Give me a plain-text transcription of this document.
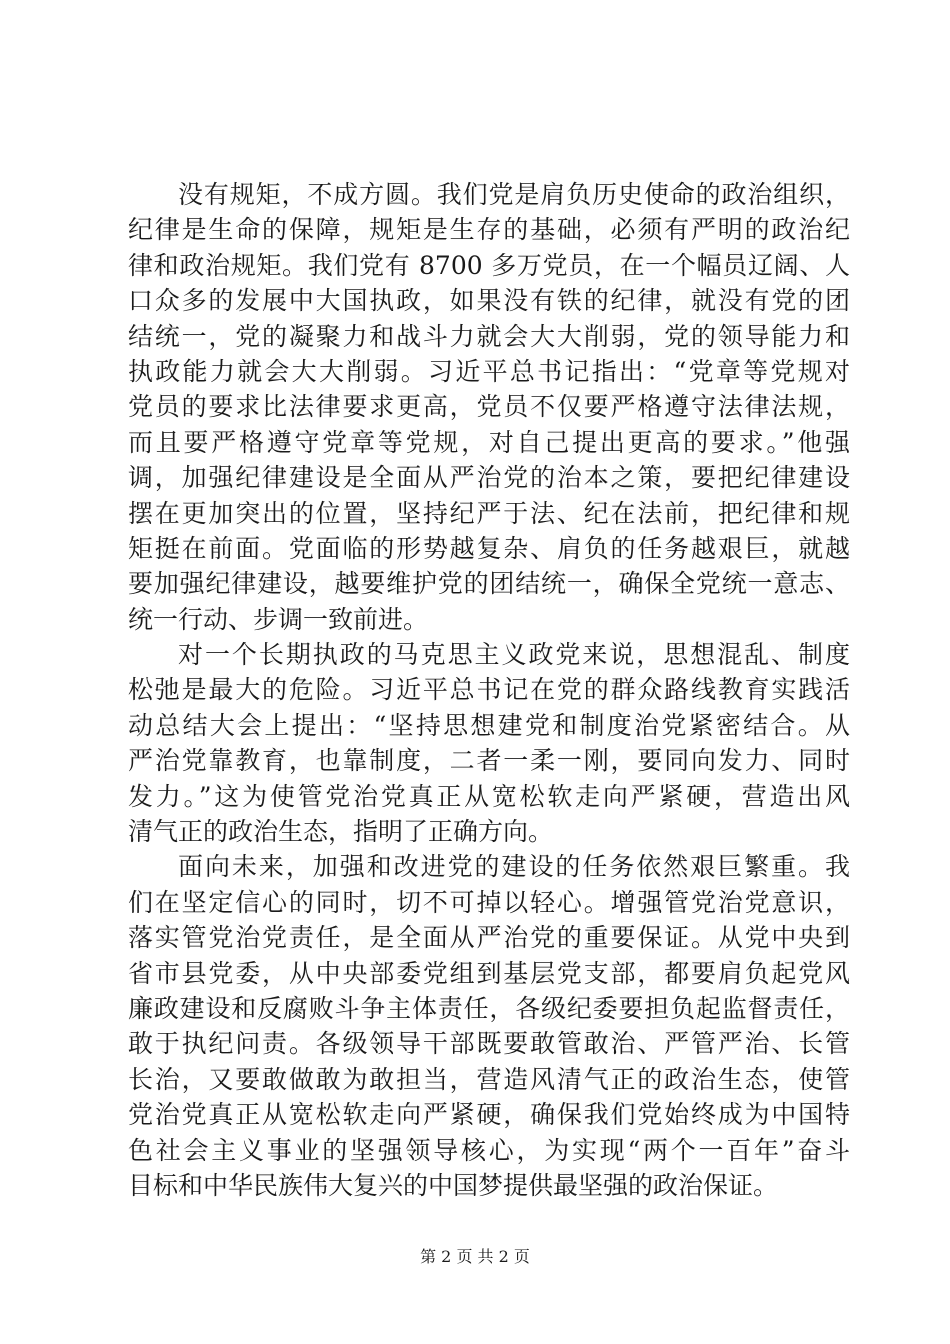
没有规矩，不成方圆。我们党是肩负历史使命的政治组织，
纪律是生命的保障，规矩是生存的基础，必须有严明的政治纪
律和政治规矩。我们党有 8700 多万党员，在一个幅员辽阔、人
口众多的发展中大国执政，如果没有铁的纪律，就没有党的团
结统一，党的凝聚力和战斗力就会大大削弱，党的领导能力和
执政能力就会大大削弱。习近平总书记指出：“党章等党规对
党员的要求比法律要求更高，党员不仅要严格遵守法律法规，
而且要严格遵守党章等党规，对自己提出更高的要求。”他强
调，加强纪律建设是全面从严治党的治本之策，要把纪律建设
摆在更加突出的位置，坚持纪严于法、纪在法前，把纪律和规
矩挺在前面。党面临的形势越复杂、肩负的任务越艰巨，就越
要加强纪律建设，越要维护党的团结统一，确保全党统一意志、
统一行动、步调一致前进。
对一个长期执政的马克思主义政党来说，思想混乱、制度
松弛是最大的危险。习近平总书记在党的群众路线教育实践活
动总结大会上提出：“坚持思想建党和制度治党紧密结合。从
严治党靠教育，也靠制度，二者一柔一刚，要同向发力、同时
发力。”这为使管党治党真正从宽松软走向严紧硬，营造出风
清气正的政治生态，指明了正确方向。
面向未来，加强和改进党的建设的任务依然艰巨繁重。我
们在坚定信心的同时，切不可掉以轻心。增强管党治党意识，
落实管党治党责任，是全面从严治党的重要保证。从党中央到
省市县党委，从中央部委党组到基层党支部，都要肩负起党风
廉政建设和反腐败斗争主体责任，各级纪委要担负起监督责任，
敢于执纪问责。各级领导干部既要敢管敢治、严管严治、长管
长治，又要敢做敢为敢担当，营造风清气正的政治生态，使管
党治党真正从宽松软走向严紧硬，确保我们党始终成为中国特
色社会主义事业的坚强领导核心，为实现“两个一百年”奋斗
目标和中华民族伟大复兴的中国梦提供最坚强的政治保证。
第 2 页 共 2 页
